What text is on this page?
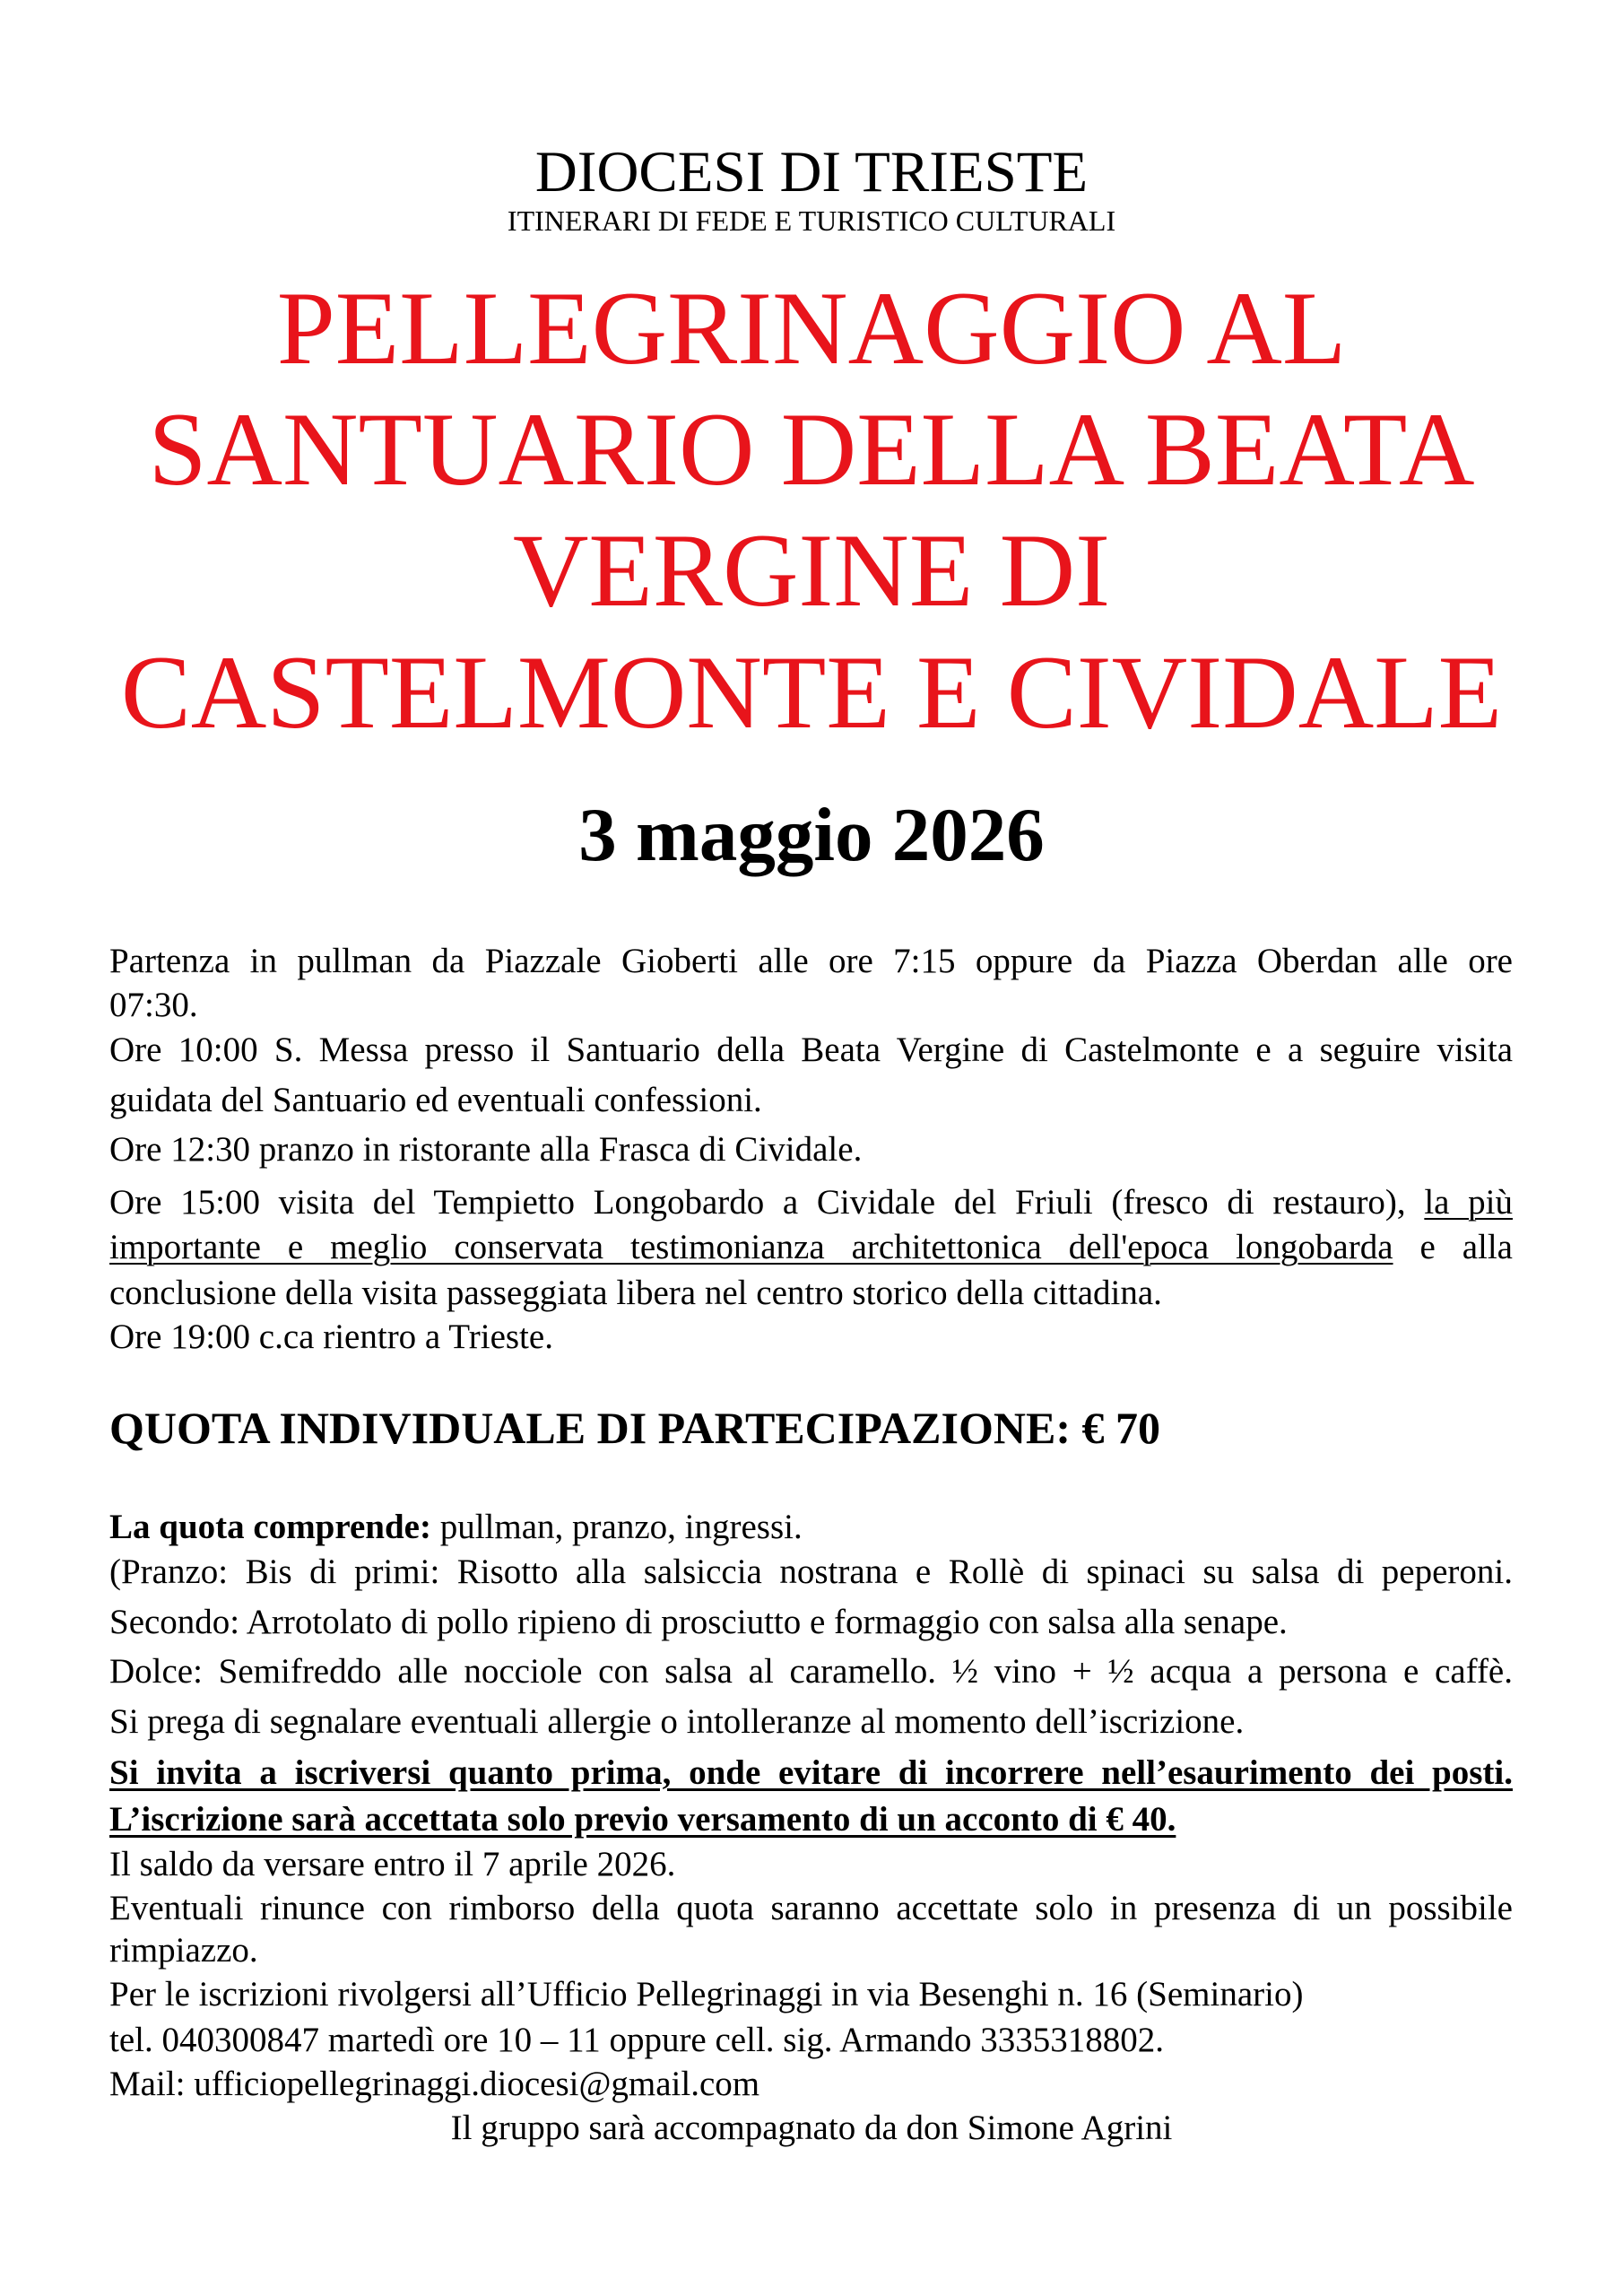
DIOCESI DI TRIESTE
ITINERARI DI FEDE E TURISTICO CULTURALI
PELLEGRINAGGIO AL
SANTUARIO DELLA BEATA
VERGINE DI
CASTELMONTE E CIVIDALE
3 maggio 2026
Partenza in pullman da Piazzale Gioberti alle ore 7:15 oppure da Piazza Oberdan alle ore
07:30.
Ore 10:00 S. Messa presso il Santuario della Beata Vergine di Castelmonte e a seguire visita
guidata del Santuario ed eventuali confessioni.
Ore 12:30 pranzo in ristorante alla Frasca di Cividale.
Ore 15:00 visita del Tempietto Longobardo a Cividale del Friuli (fresco di restauro), la più
importante e meglio conservata testimonianza architettonica dell'epoca longobarda e alla
conclusione della visita passeggiata libera nel centro storico della cittadina.
Ore 19:00 c.ca rientro a Trieste.
QUOTA INDIVIDUALE DI PARTECIPAZIONE: € 70
La quota comprende: pullman, pranzo, ingressi.
(Pranzo: Bis di primi: Risotto alla salsiccia nostrana e Rollè di spinaci su salsa di peperoni.
Secondo: Arrotolato di pollo ripieno di prosciutto e formaggio con salsa alla senape.
Dolce: Semifreddo alle nocciole con salsa al caramello. ½ vino + ½ acqua a persona e caffè.
Si prega di segnalare eventuali allergie o intolleranze al momento dell’iscrizione.
Si invita a iscriversi quanto prima, onde evitare di incorrere nell’esaurimento dei posti.
L’iscrizione sarà accettata solo previo versamento di un acconto di € 40.
Il saldo da versare entro il 7 aprile 2026.
Eventuali rinunce con rimborso della quota saranno accettate solo in presenza di un possibile
rimpiazzo.
Per le iscrizioni rivolgersi all’Ufficio Pellegrinaggi in via Besenghi n. 16 (Seminario)
tel. 040300847 martedì ore 10 – 11 oppure cell. sig. Armando 3335318802.
Mail: ufficiopellegrinaggi.diocesi@gmail.com
Il gruppo sarà accompagnato da don Simone Agrini
